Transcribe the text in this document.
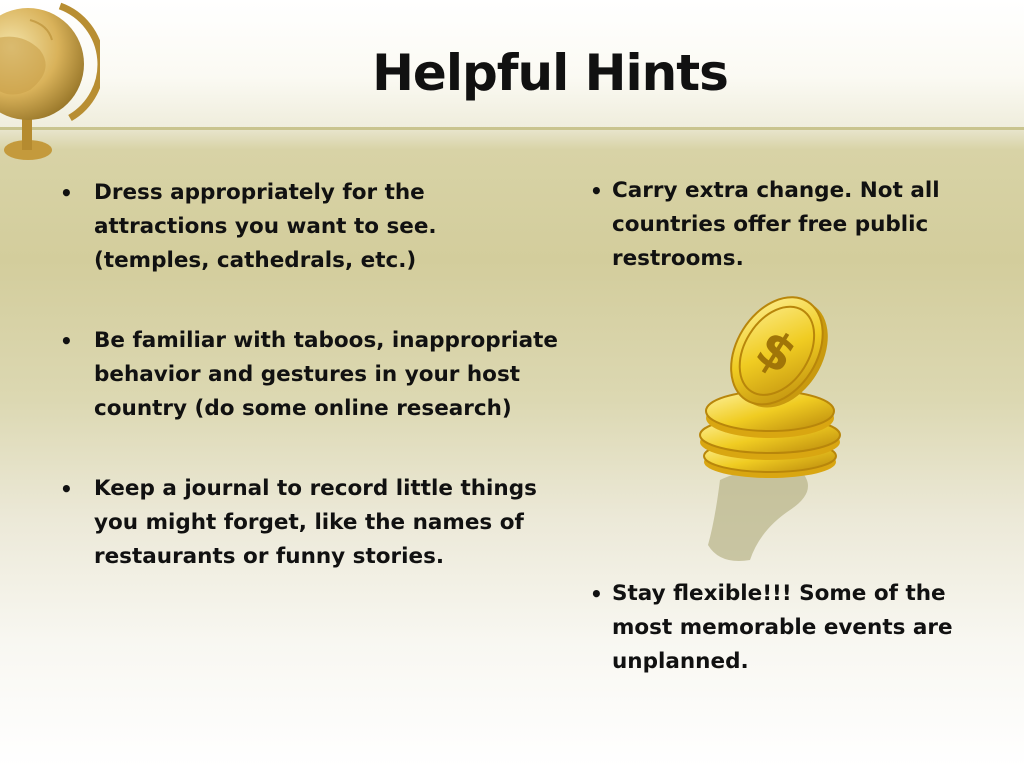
Helpful Hints
• Dress appropriately for the attractions you want to see. (temples, cathedrals, etc.)
• Be familiar with taboos, inappropriate behavior and gestures in your host country (do some online research)
• Keep a journal to record little things you might forget, like the names of restaurants or funny stories.
• Carry extra change. Not all countries offer free public restrooms.
$
• Stay flexible!!! Some of the most memorable events are unplanned.
